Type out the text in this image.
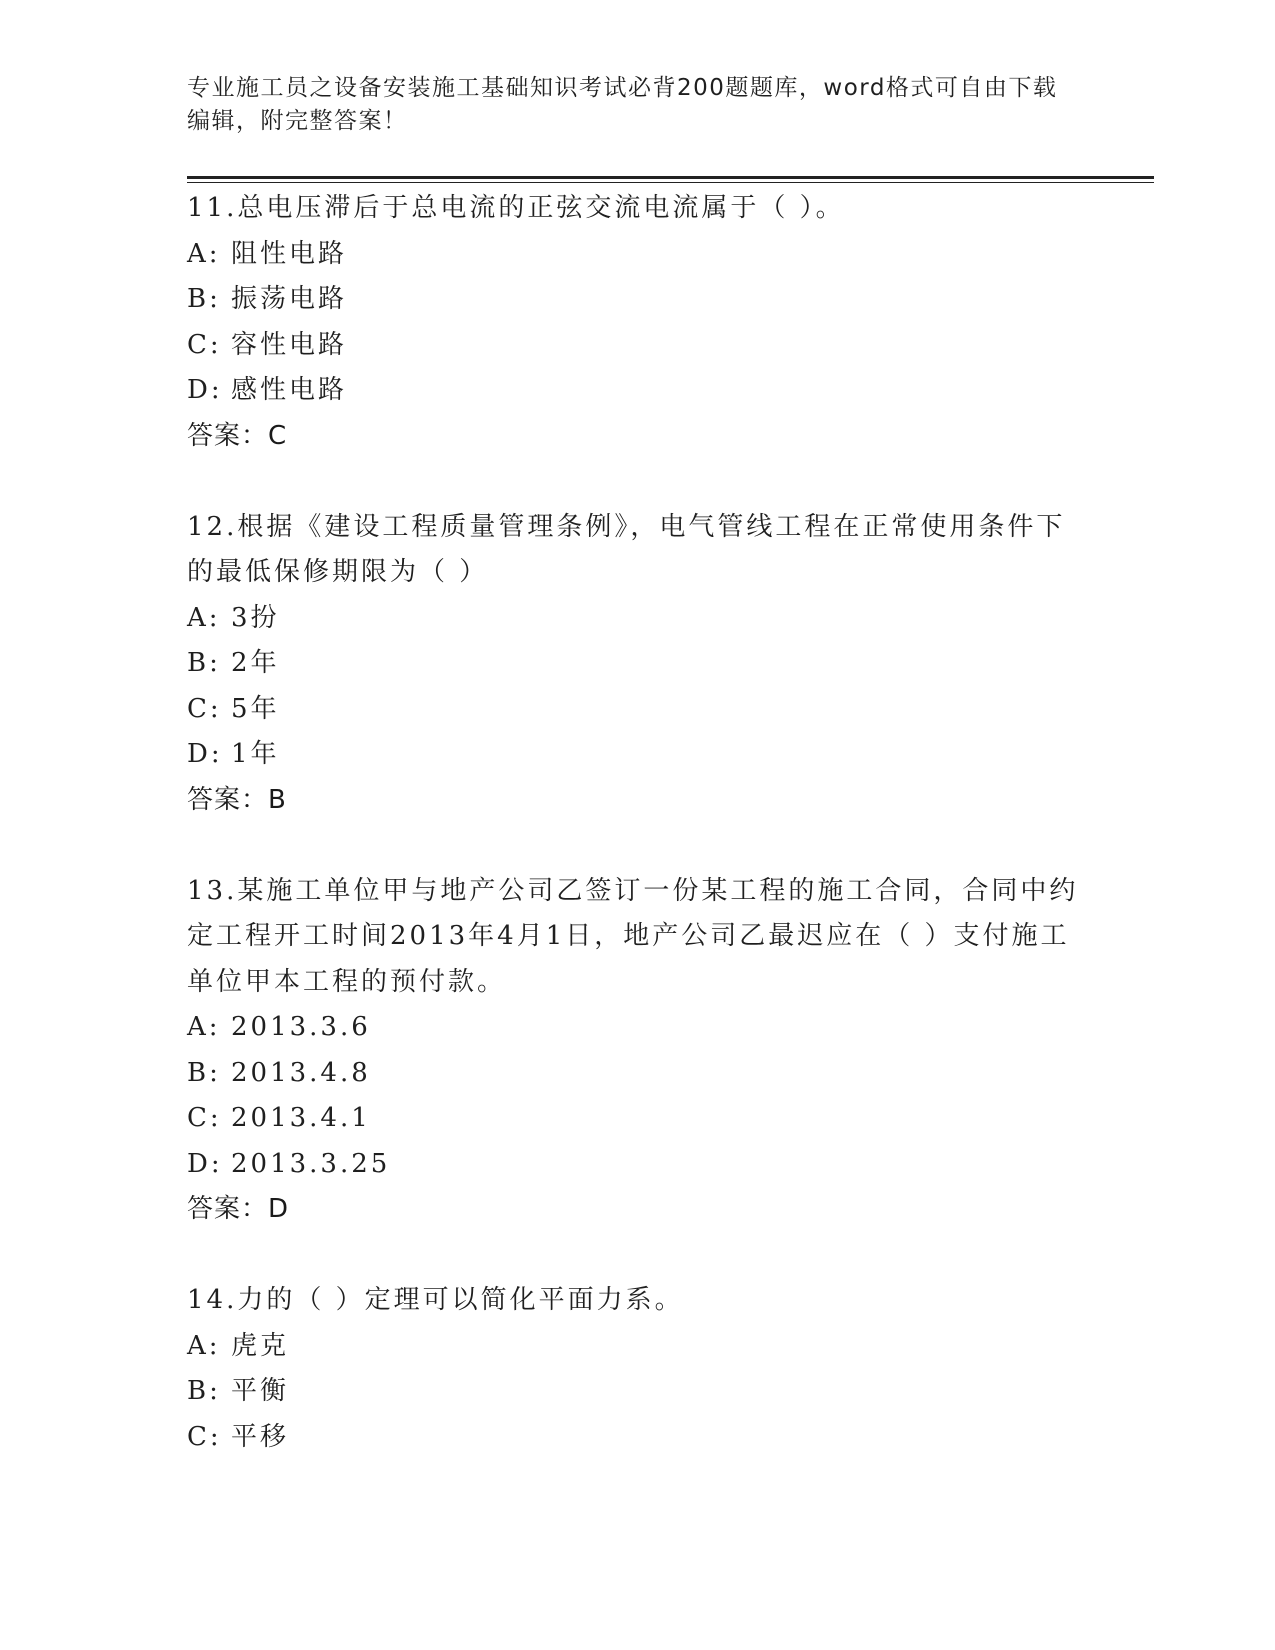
专业施工员之设备安装施工基础知识考试必背200题题库，word格式可自由下载编辑，附完整答案！
11.总电压滞后于总电流的正弦交流电流属于（ ）。
A: 阻性电路
B: 振荡电路
C: 容性电路
D: 感性电路
答案：C
12.根据《建设工程质量管理条例》，电气管线工程在正常使用条件下的最低保修期限为（ ）
A: 3扮
B: 2年
C: 5年
D: 1年
答案：B
13.某施工单位甲与地产公司乙签订一份某工程的施工合同，合同中约定工程开工时间2013年4月1日，地产公司乙最迟应在（ ）支付施工单位甲本工程的预付款。
A: 2013.3.6
B: 2013.4.8
C: 2013.4.1
D: 2013.3.25
答案：D
14.力的（ ）定理可以简化平面力系。
A: 虎克
B: 平衡
C: 平移
